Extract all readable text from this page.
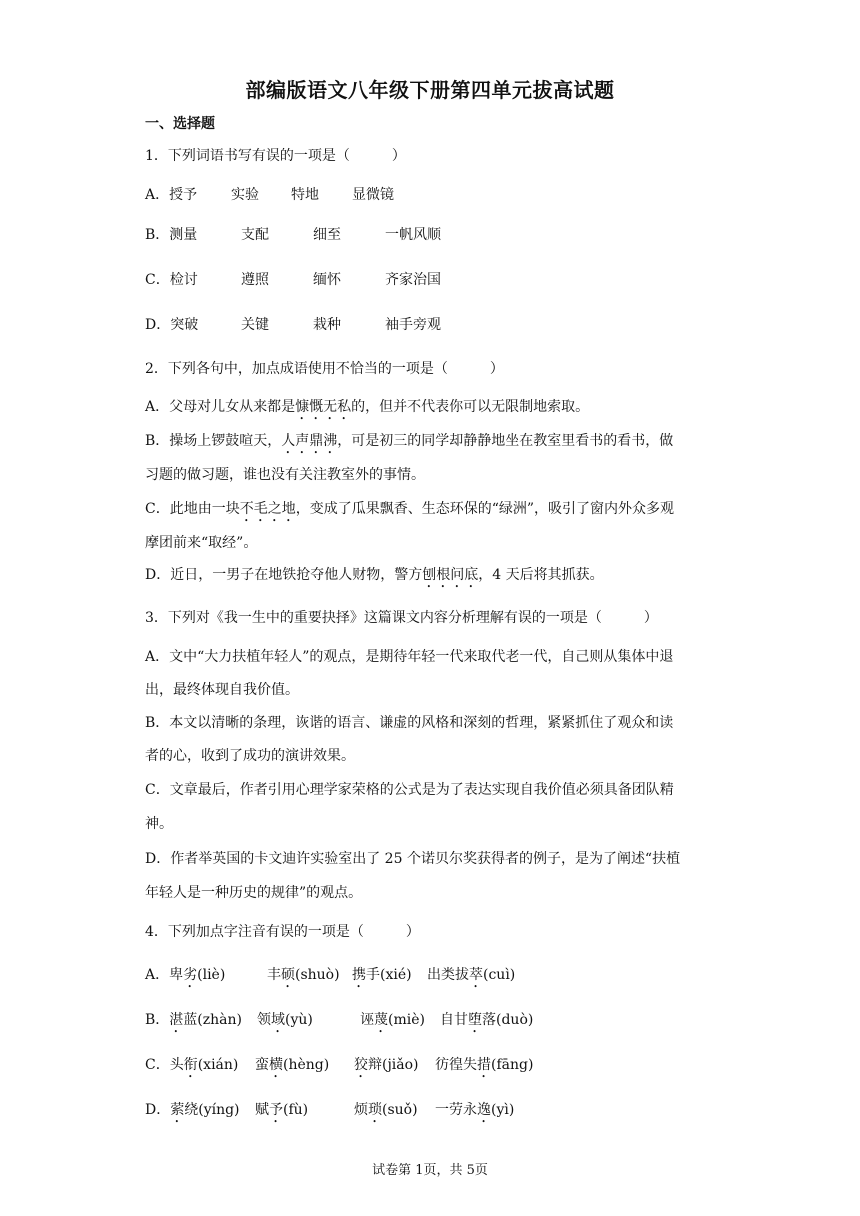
部编版语文八年级下册第四单元拔高试题
一、选择题
1．下列词语书写有误的一项是（　　　）
A．授予 实验 特地 显微镜
B．测量	支配	细至	一帆风顺
C．检讨	遵照	缅怀	齐家治国
D．突破	关键	栽种	袖手旁观
2．下列各句中，加点成语使用不恰当的一项是（　　　）
A．父母对儿女从来都是慷慨无私的，但并不代表你可以无限制地索取。
B．操场上锣鼓喧天，人声鼎沸，可是初三的同学却静静地坐在教室里看书的看书，做
习题的做习题，谁也没有关注教室外的事情。
C．此地由一块不毛之地，变成了瓜果飘香、生态环保的“绿洲”，吸引了窗内外众多观
摩团前来“取经”。
D．近日，一男子在地铁抢夺他人财物，警方刨根问底，4 天后将其抓获。
3．下列对《我一生中的重要抉择》这篇课文内容分析理解有误的一项是（　　　）
A．文中“大力扶植年轻人”的观点，是期待年轻一代来取代老一代，自己则从集体中退
出，最终体现自我价值。
B．本文以清晰的条理，诙谐的语言、谦虚的风格和深刻的哲理，紧紧抓住了观众和读
者的心，收到了成功的演讲效果。
C．文章最后，作者引用心理学家荣格的公式是为了表达实现自我价值必须具备团队精
神。
D．作者举英国的卡文迪许实验室出了 25 个诺贝尔奖获得者的例子，是为了阐述“扶植
年轻人是一种历史的规律”的观点。
4．下列加点字注音有误的一项是（　　　）
A．卑劣(liè)	丰硕(shuò) 携手(xié) 出类拔萃(cuì)
B．湛蓝(zhàn) 领域(yù)	诬蔑(miè) 自甘堕落(duò)
C．头衔(xián) 蛮横(hèng) 狡辩(jiǎo) 彷徨失措(fāng)
D．萦绕(yíng) 赋予(fù)	烦琐(suǒ) 一劳永逸(yì)
试卷第 1页，共 5页
